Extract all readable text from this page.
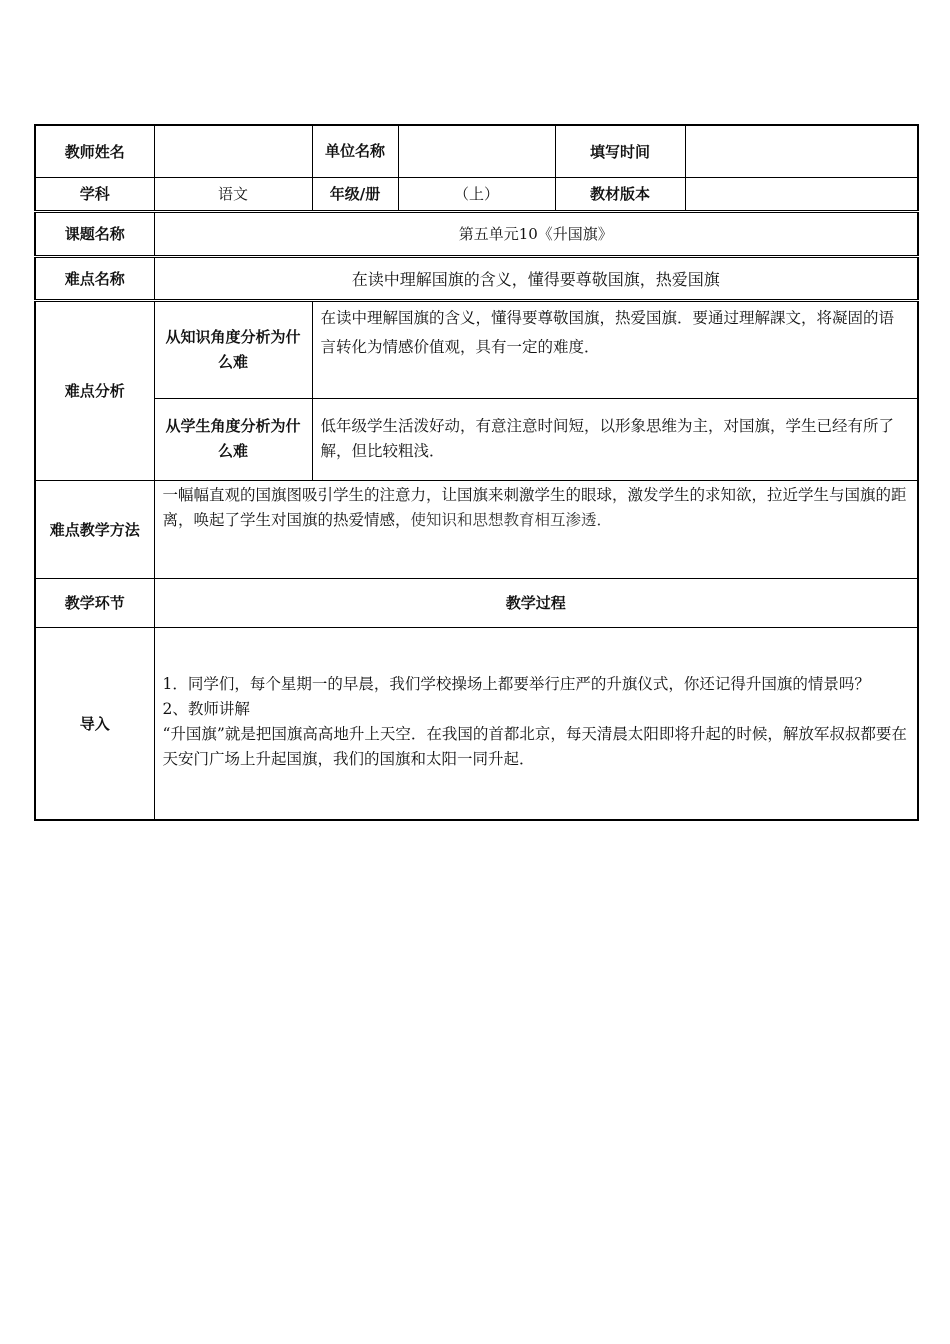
教师姓名		单位名称		填写时间	
学科	语文	年级/册	（上）	教材版本	
课题名称	第五单元10《升国旗》				
难点名称	在读中理解国旗的含义，懂得要尊敬国旗，热爱国旗				
难点分析	从知识角度分析为什么难	在读中理解国旗的含义，懂得要尊敬国旗，热爱国旗．要通过理解課文，将凝固的语言转化为情感价值观，具有一定的难度．			
	从学生角度分析为什么难	低年级学生活泼好动，有意注意时间短，以形象思维为主，对国旗，学生已经有所了解，但比较粗浅．			
难点教学方法	一幅幅直观的国旗图吸引学生的注意力，让国旗来刺激学生的眼球，激发学生的求知欲，拉近学生与国旗的距离，唤起了学生对国旗的热爱情感，使知识和思想教育相互渗透．				
教学环节	教学过程				
导入	1．同学们，每个星期一的早晨，我们学校操场上都要举行庄严的升旗仪式，你还记得升国旗的情景吗？
2、教师讲解
“升国旗”就是把国旗高高地升上天空．在我国的首都北京，每天清晨太阳即将升起的时候，解放军叔叔都要在天安门广场上升起国旗，我们的国旗和太阳一同升起．				
